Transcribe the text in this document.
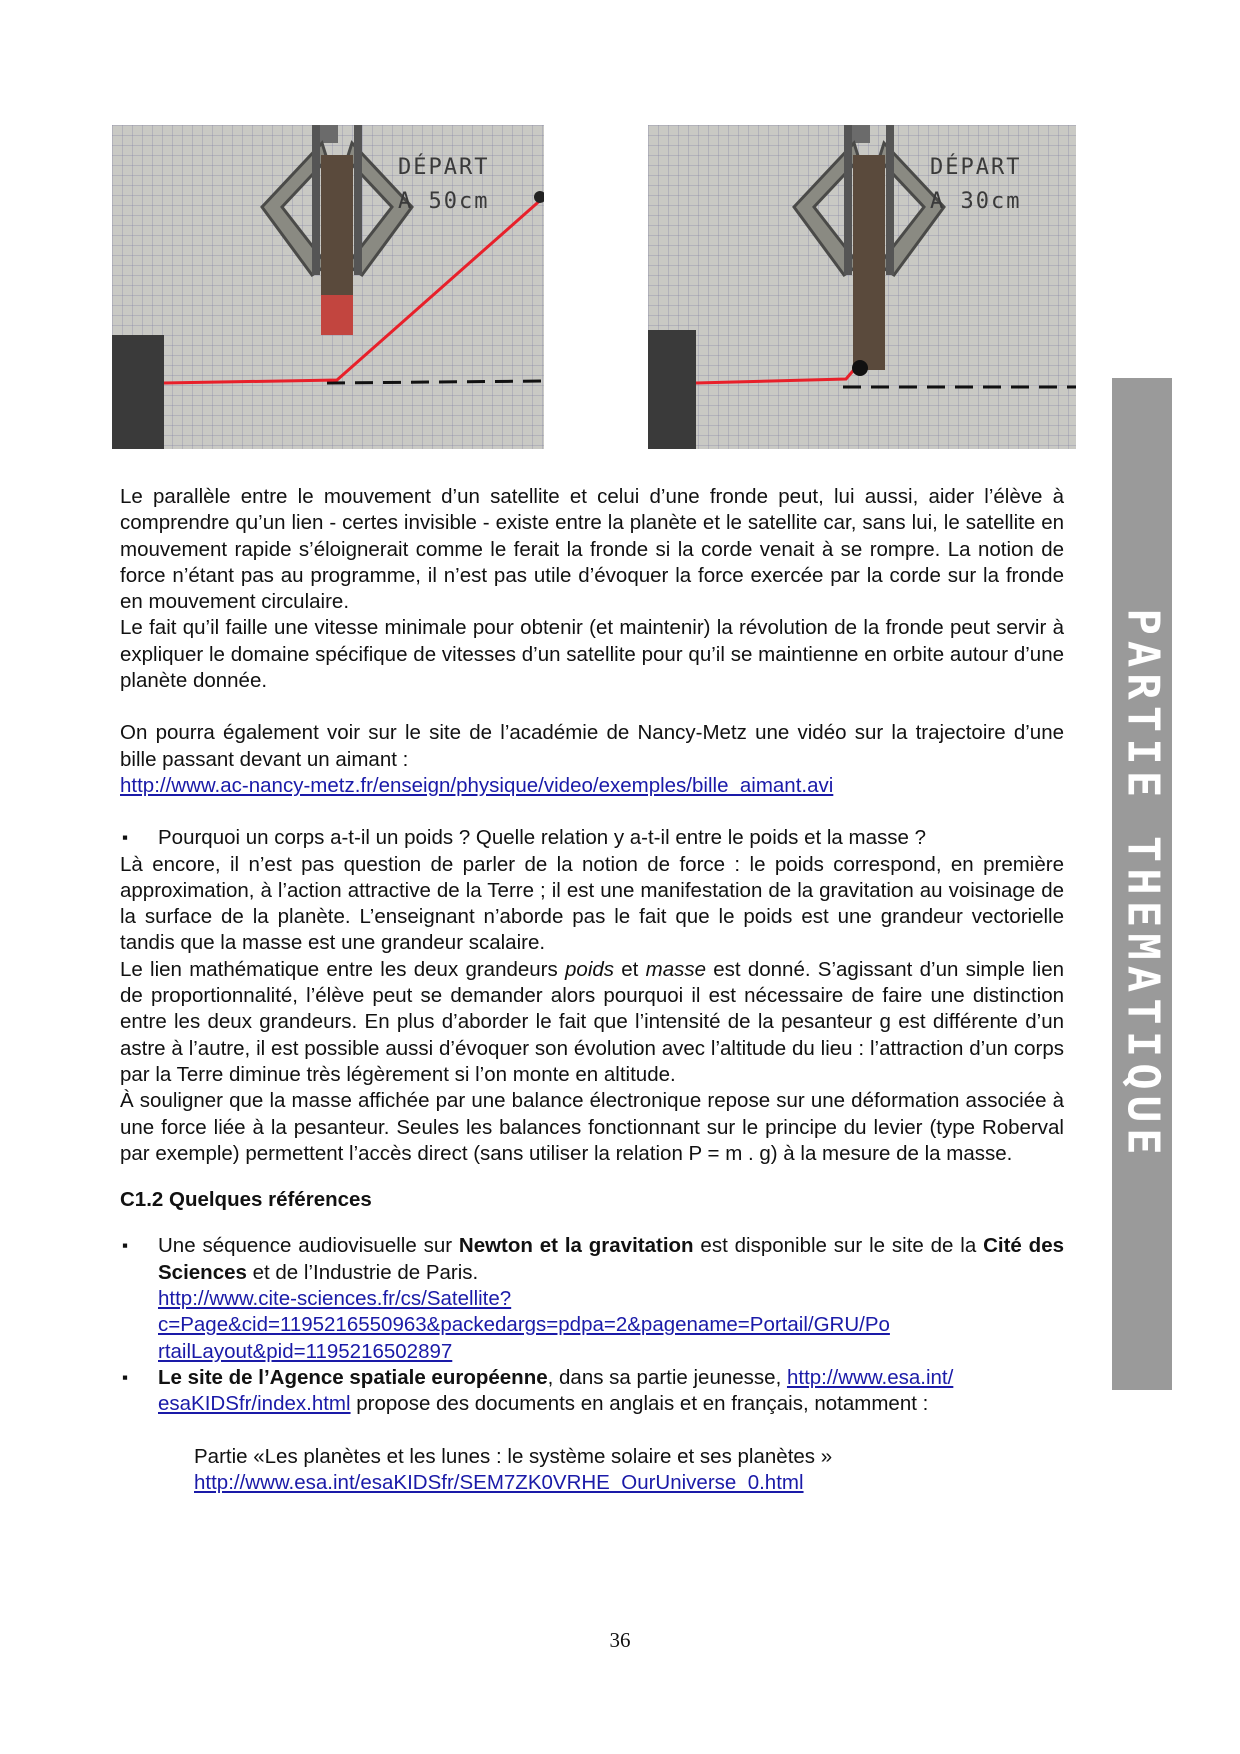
DÉPART
A 50cm
DÉPART
A 30cm
PARTIE THEMATIQUE

Le parallèle entre le mouvement d’un satellite et celui d’une fronde peut, lui aussi, aider l’élève à comprendre qu’un lien - certes invisible - existe entre la planète et le satellite car, sans lui, le satellite en mouvement rapide s’éloignerait comme le ferait la fronde si la corde venait à se rompre. La notion de force n’étant pas au programme, il n’est pas utile d’évoquer la force exercée par la corde sur la fronde en mouvement circulaire.

Le fait qu’il faille une vitesse minimale pour obtenir (et maintenir) la révolution de la fronde peut servir à expliquer le domaine spécifique de vitesses d’un satellite pour qu’il se maintienne en orbite autour d’une planète donnée.

On pourra également voir sur le site de l’académie de Nancy-Metz une vidéo sur la trajectoire d’une bille passant devant un aimant :

http://www.ac-nancy-metz.fr/enseign/physique/video/exemples/bille_aimant.avi

▪ Pourquoi un corps a-t-il un poids ? Quelle relation y a-t-il entre le poids et la masse ?

Là encore, il n’est pas question de parler de la notion de force : le poids correspond, en première approximation, à l’action attractive de la Terre ; il est une manifestation de la gravitation au voisinage de la surface de la planète. L’enseignant n’aborde pas le fait que le poids est une grandeur vectorielle tandis que la masse est une grandeur scalaire.

Le lien mathématique entre les deux grandeurs poids et masse est donné. S’agissant d’un simple lien de proportionnalité, l’élève peut se demander alors pourquoi il est nécessaire de faire une distinction entre les deux grandeurs. En plus d’aborder le fait que l’intensité de la pesanteur g est différente d’un astre à l’autre, il est possible aussi d’évoquer son évolution avec l’altitude du lieu : l’attraction d’un corps par la Terre diminue très légèrement si l’on monte en altitude.

À souligner que la masse affichée par une balance électronique repose sur une déformation associée à une force liée à la pesanteur. Seules les balances fonctionnant sur le principe du levier (type Roberval par exemple) permettent l’accès direct (sans utiliser la relation P = m . g) à la mesure de la masse.

C1.2 Quelques références

▪ Une séquence audiovisuelle sur Newton et la gravitation est disponible sur le site de la Cité des Sciences et de l’Industrie de Paris.
http://www.cite-sciences.fr/cs/Satellite?
c=Page&cid=1195216550963&packedargs=pdpa=2&pagename=Portail/GRU/Po
rtailLayout&pid=1195216502897
▪ Le site de l’Agence spatiale européenne, dans sa partie jeunesse, http://www.esa.int/
esaKIDSfr/index.html propose des documents en anglais et en français, notamment :

Partie «Les planètes et les lunes : le système solaire et ses planètes »

http://www.esa.int/esaKIDSfr/SEM7ZK0VRHE_OurUniverse_0.html

36
